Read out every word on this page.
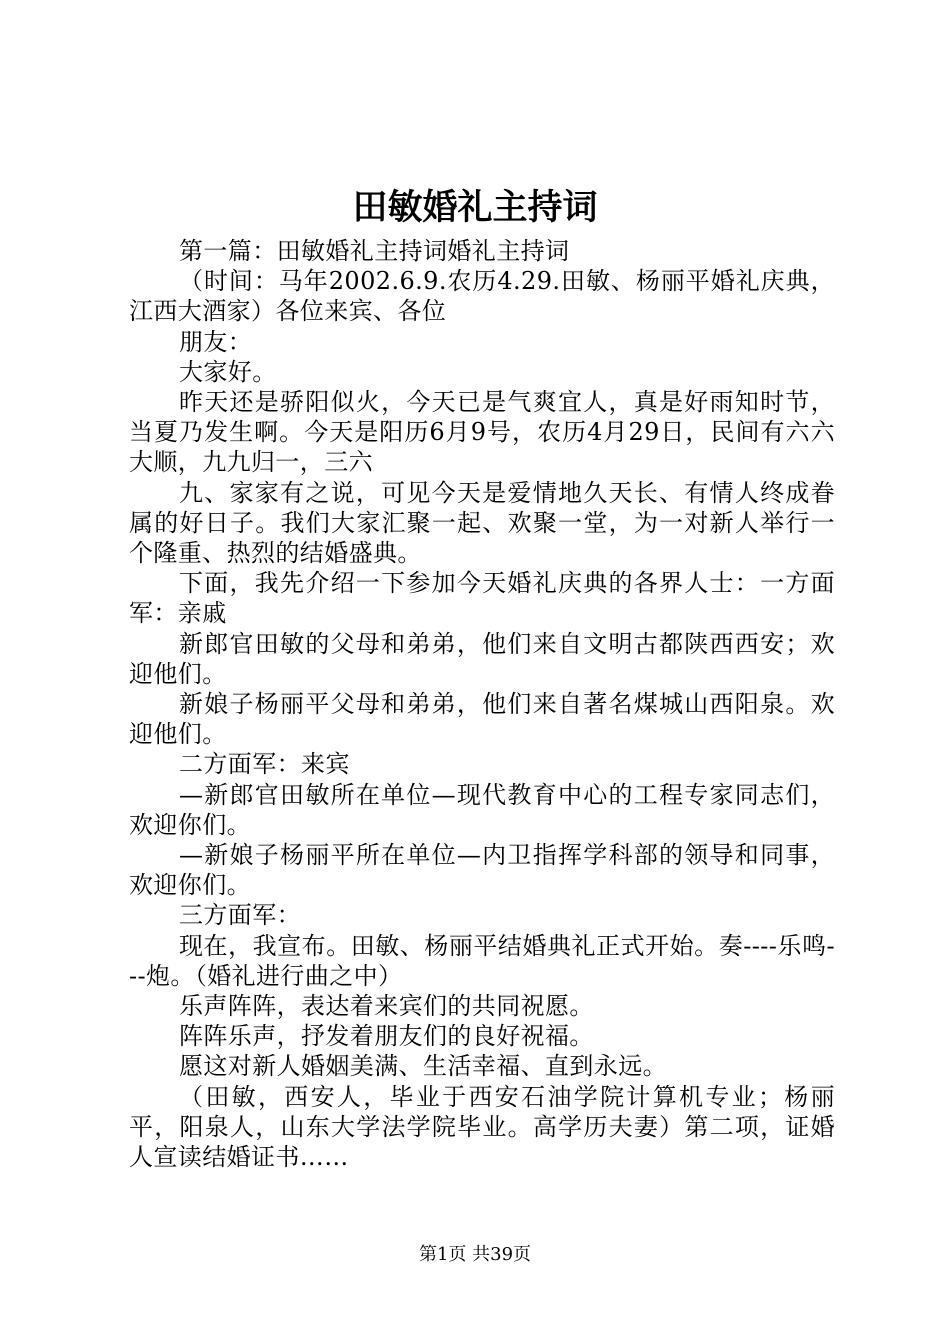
田敏婚礼主持词

第一篇：田敏婚礼主持词婚礼主持词

（时间：马年2002.6.9.农历4.29.田敏、杨丽平婚礼庆典，江西大酒家）各位来宾、各位

朋友：

大家好。

昨天还是骄阳似火，今天已是气爽宜人，真是好雨知时节，当夏乃发生啊。今天是阳历6月9号，农历4月29日，民间有六六大顺，九九归一，三六

九、家家有之说，可见今天是爱情地久天长、有情人终成眷属的好日子。我们大家汇聚一起、欢聚一堂，为一对新人举行一个隆重、热烈的结婚盛典。

下面，我先介绍一下参加今天婚礼庆典的各界人士：一方面军：亲戚

新郎官田敏的父母和弟弟，他们来自文明古都陕西西安；欢迎他们。

新娘子杨丽平父母和弟弟，他们来自著名煤城山西阳泉。欢迎他们。

二方面军：来宾

—新郎官田敏所在单位—现代教育中心的工程专家同志们，欢迎你们。

—新娘子杨丽平所在单位—内卫指挥学科部的领导和同事，欢迎你们。

三方面军：

现在，我宣布。田敏、杨丽平结婚典礼正式开始。奏----乐鸣---炮。（婚礼进行曲之中）

乐声阵阵，表达着来宾们的共同祝愿。

阵阵乐声，抒发着朋友们的良好祝福。

愿这对新人婚姻美满、生活幸福、直到永远。

（田敏，西安人，毕业于西安石油学院计算机专业；杨丽平，阳泉人，山东大学法学院毕业。高学历夫妻）第二项，证婚人宣读结婚证书……

第1页 共39页
